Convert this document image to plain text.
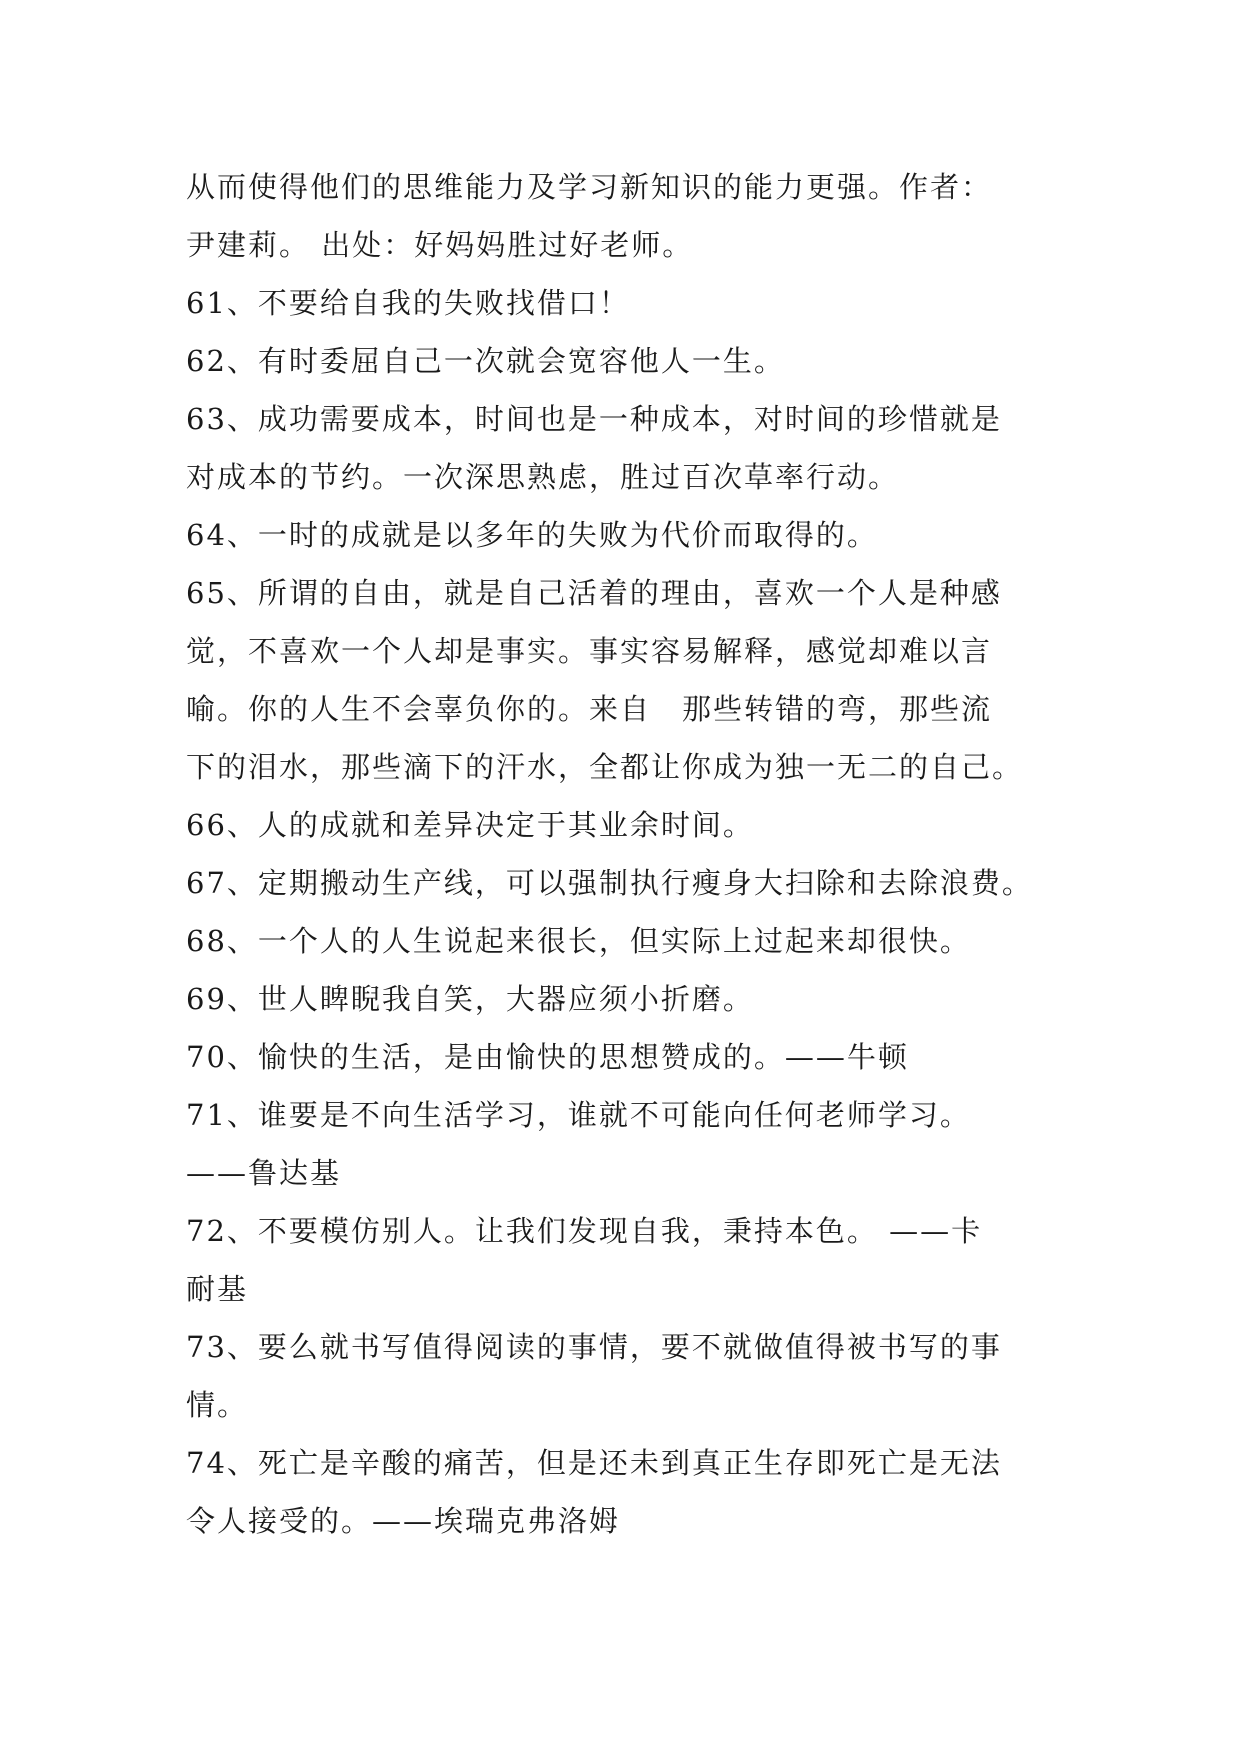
从而使得他们的思维能力及学习新知识的能力更强。作者：
尹建莉。 出处：好妈妈胜过好老师。
61、不要给自我的失败找借口！
62、有时委屈自己一次就会宽容他人一生。
63、成功需要成本，时间也是一种成本，对时间的珍惜就是
对成本的节约。一次深思熟虑，胜过百次草率行动。
64、一时的成就是以多年的失败为代价而取得的。
65、所谓的自由，就是自己活着的理由，喜欢一个人是种感
觉，不喜欢一个人却是事实。事实容易解释，感觉却难以言
喻。你的人生不会辜负你的。来自　那些转错的弯，那些流
下的泪水，那些滴下的汗水，全都让你成为独一无二的自己。
66、人的成就和差异决定于其业余时间。
67、定期搬动生产线，可以强制执行瘦身大扫除和去除浪费。
68、一个人的人生说起来很长，但实际上过起来却很快。
69、世人睥睨我自笑，大器应须小折磨。
70、愉快的生活，是由愉快的思想赞成的。——牛顿
71、谁要是不向生活学习，谁就不可能向任何老师学习。
——鲁达基
72、不要模仿别人。让我们发现自我，秉持本色。 ——卡
耐基
73、要么就书写值得阅读的事情，要不就做值得被书写的事
情。
74、死亡是辛酸的痛苦，但是还未到真正生存即死亡是无法
令人接受的。——埃瑞克弗洛姆
